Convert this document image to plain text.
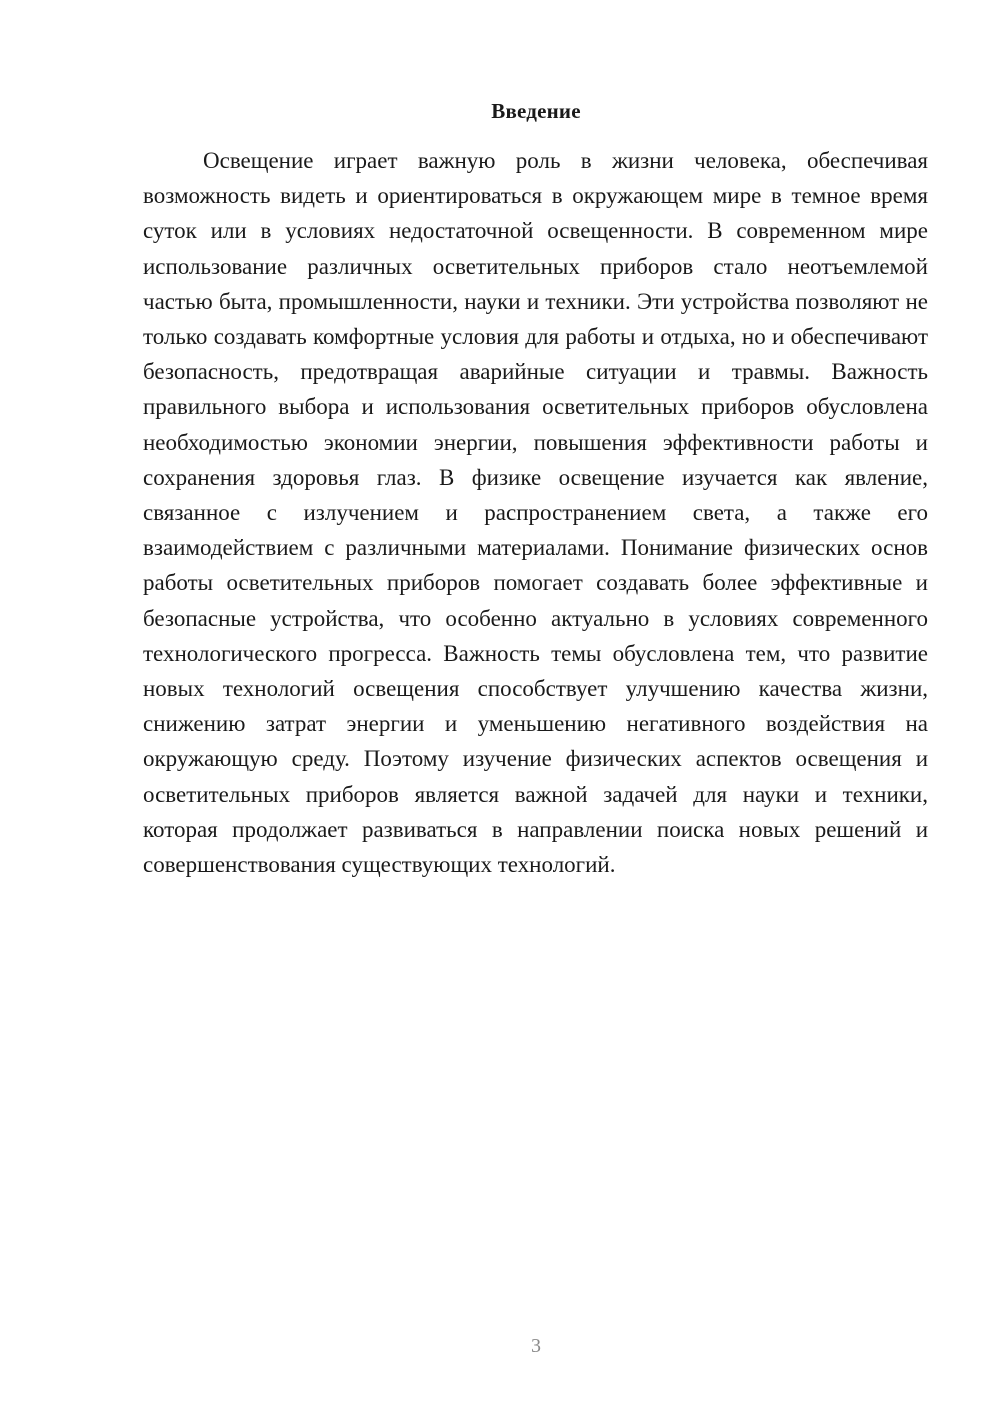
Введение

Освещение играет важную роль в жизни человека, обеспечивая возможность видеть и ориентироваться в окружающем мире в темное время суток или в условиях недостаточной освещенности. В современном мире использование различных осветительных приборов стало неотъемлемой частью быта, промышленности, науки и техники. Эти устройства позволяют не только создавать комфортные условия для работы и отдыха, но и обеспечивают безопасность, предотвращая аварийные ситуации и травмы. Важность правильного выбора и использования осветительных приборов обусловлена необходимостью экономии энергии, повышения эффективности работы и сохранения здоровья глаз. В физике освещение изучается как явление, связанное с излучением и распространением света, а также его взаимодействием с различными материалами. Понимание физических основ работы осветительных приборов помогает создавать более эффективные и безопасные устройства, что особенно актуально в условиях современного технологического прогресса. Важность темы обусловлена тем, что развитие новых технологий освещения способствует улучшению качества жизни, снижению затрат энергии и уменьшению негативного воздействия на окружающую среду. Поэтому изучение физических аспектов освещения и осветительных приборов является важной задачей для науки и техники, которая продолжает развиваться в направлении поиска новых решений и совершенствования существующих технологий.

3
